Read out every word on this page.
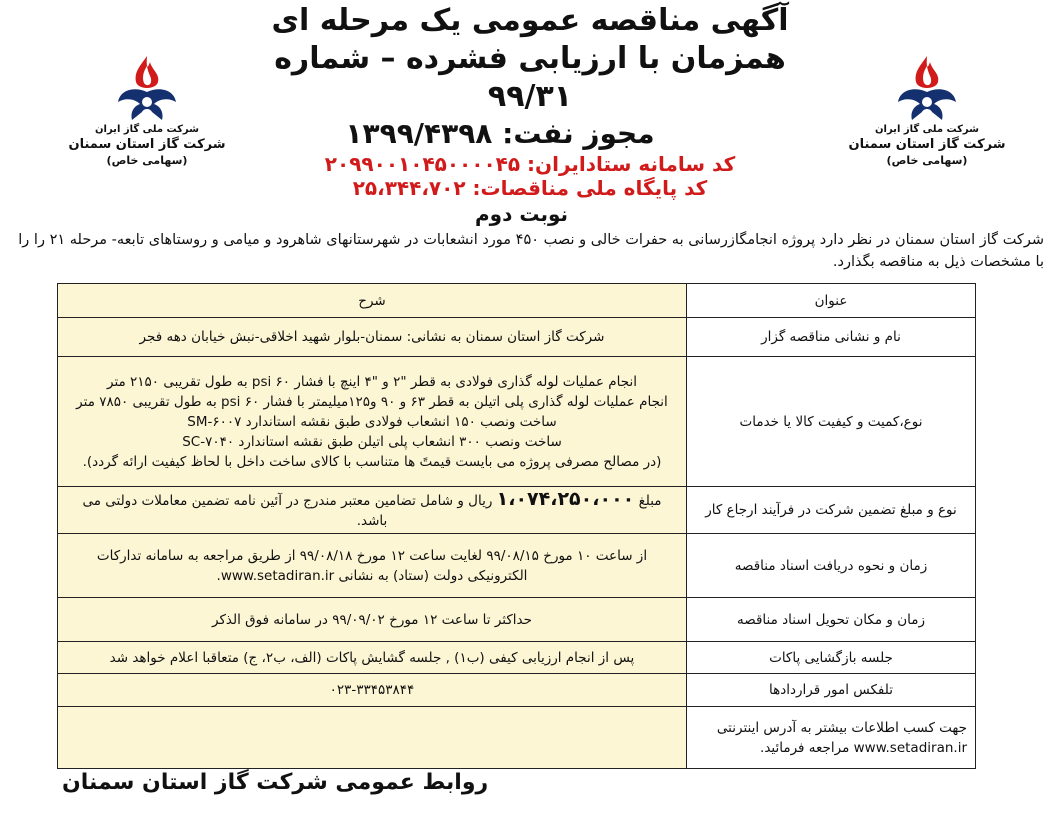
شرکت ملی گاز ایران
شرکت گاز استان سمنان
(سهامی خاص)
شرکت ملی گاز ایران
شرکت گاز استان سمنان
(سهامی خاص)
آگهی مناقصه عمومی یک مرحله ای
همزمان با ارزیابی فشرده – شماره ۹۹/۳۱
مجوز نفت: ۱۳۹۹/۴۳۹۸
کد سامانه ستادایران: ۲۰۹۹۰۰۱۰۴۵۰۰۰۰۴۵
کد پایگاه ملی مناقصات: ۲۵،۳۴۴،۷۰۲
نوبت دوم
شرکت گاز استان سمنان در نظر دارد پروژه انجامگازرسانی به حفرات خالی و نصب ۴۵۰ مورد انشعابات در شهرستانهای شاهرود و میامی و روستاهای تابعه- مرحله ۲۱ را را با مشخصات ذیل به مناقصه بگذارد.
عنوان	شرح
نام و نشانی مناقصه گزار	شرکت گاز استان سمنان به نشانی: سمنان-بلوار شهید اخلاقی-نبش خیابان دهه فجر
نوع،کمیت و کیفیت کالا یا خدمات	انجام عملیات لوله گذاری فولادی به قطر "۲ و "۴ اینچ با فشار psi ۶۰ به طول تقریبی ۲۱۵۰ متر
انجام عملیات لوله گذاری پلی اتیلن به قطر ۶۳ و ۹۰ و۱۲۵میلیمتر با فشار psi ۶۰ به طول تقریبی ۷۸۵۰ متر
ساخت ونصب ۱۵۰ انشعاب فولادی طبق نقشه استاندارد SM-۶۰۰۷
ساخت ونصب ۳۰۰ انشعاب پلی اتیلن طبق نقشه استاندارد SC-۷۰۴۰
(در مصالح مصرفی پروژه می بایست قیمتً ها متناسب با کالای ساخت داخل با لحاظ کیفیت ارائه گردد).

نوع و مبلغ تضمین شرکت در فرآیند ارجاع کار	مبلغ ۱،۰۷۴،۲۵۰،۰۰۰ ریال و شامل تضامین معتبر مندرج در آئین نامه تضمین معاملات دولتی می باشد.
زمان و نحوه دریافت اسناد مناقصه	از ساعت ۱۰ مورخ ۹۹/۰۸/۱۵ لغایت ساعت ۱۲ مورخ ۹۹/۰۸/۱۸ از طریق مراجعه به سامانه تدارکات
الکترونیکی دولت (ستاد) به نشانی www.setadiran.ir.

زمان و مکان تحویل اسناد مناقصه	حداکثر تا ساعت ۱۲ مورخ ۹۹/۰۹/۰۲ در سامانه فوق الذکر
جلسه بازگشایی پاکات	پس از انجام ارزیابی کیفی (ب۱) , جلسه گشایش پاکات (الف، ب۲، ج) متعاقبا اعلام خواهد شد
تلفکس امور قراردادها	۰۲۳-۳۳۴۵۳۸۴۴

جهت کسب اطلاعات بیشتر به آدرس اینترنتی
www.setadiran.ir مراجعه فرمائید.	

روابط عمومی شرکت گاز استان سمنان
